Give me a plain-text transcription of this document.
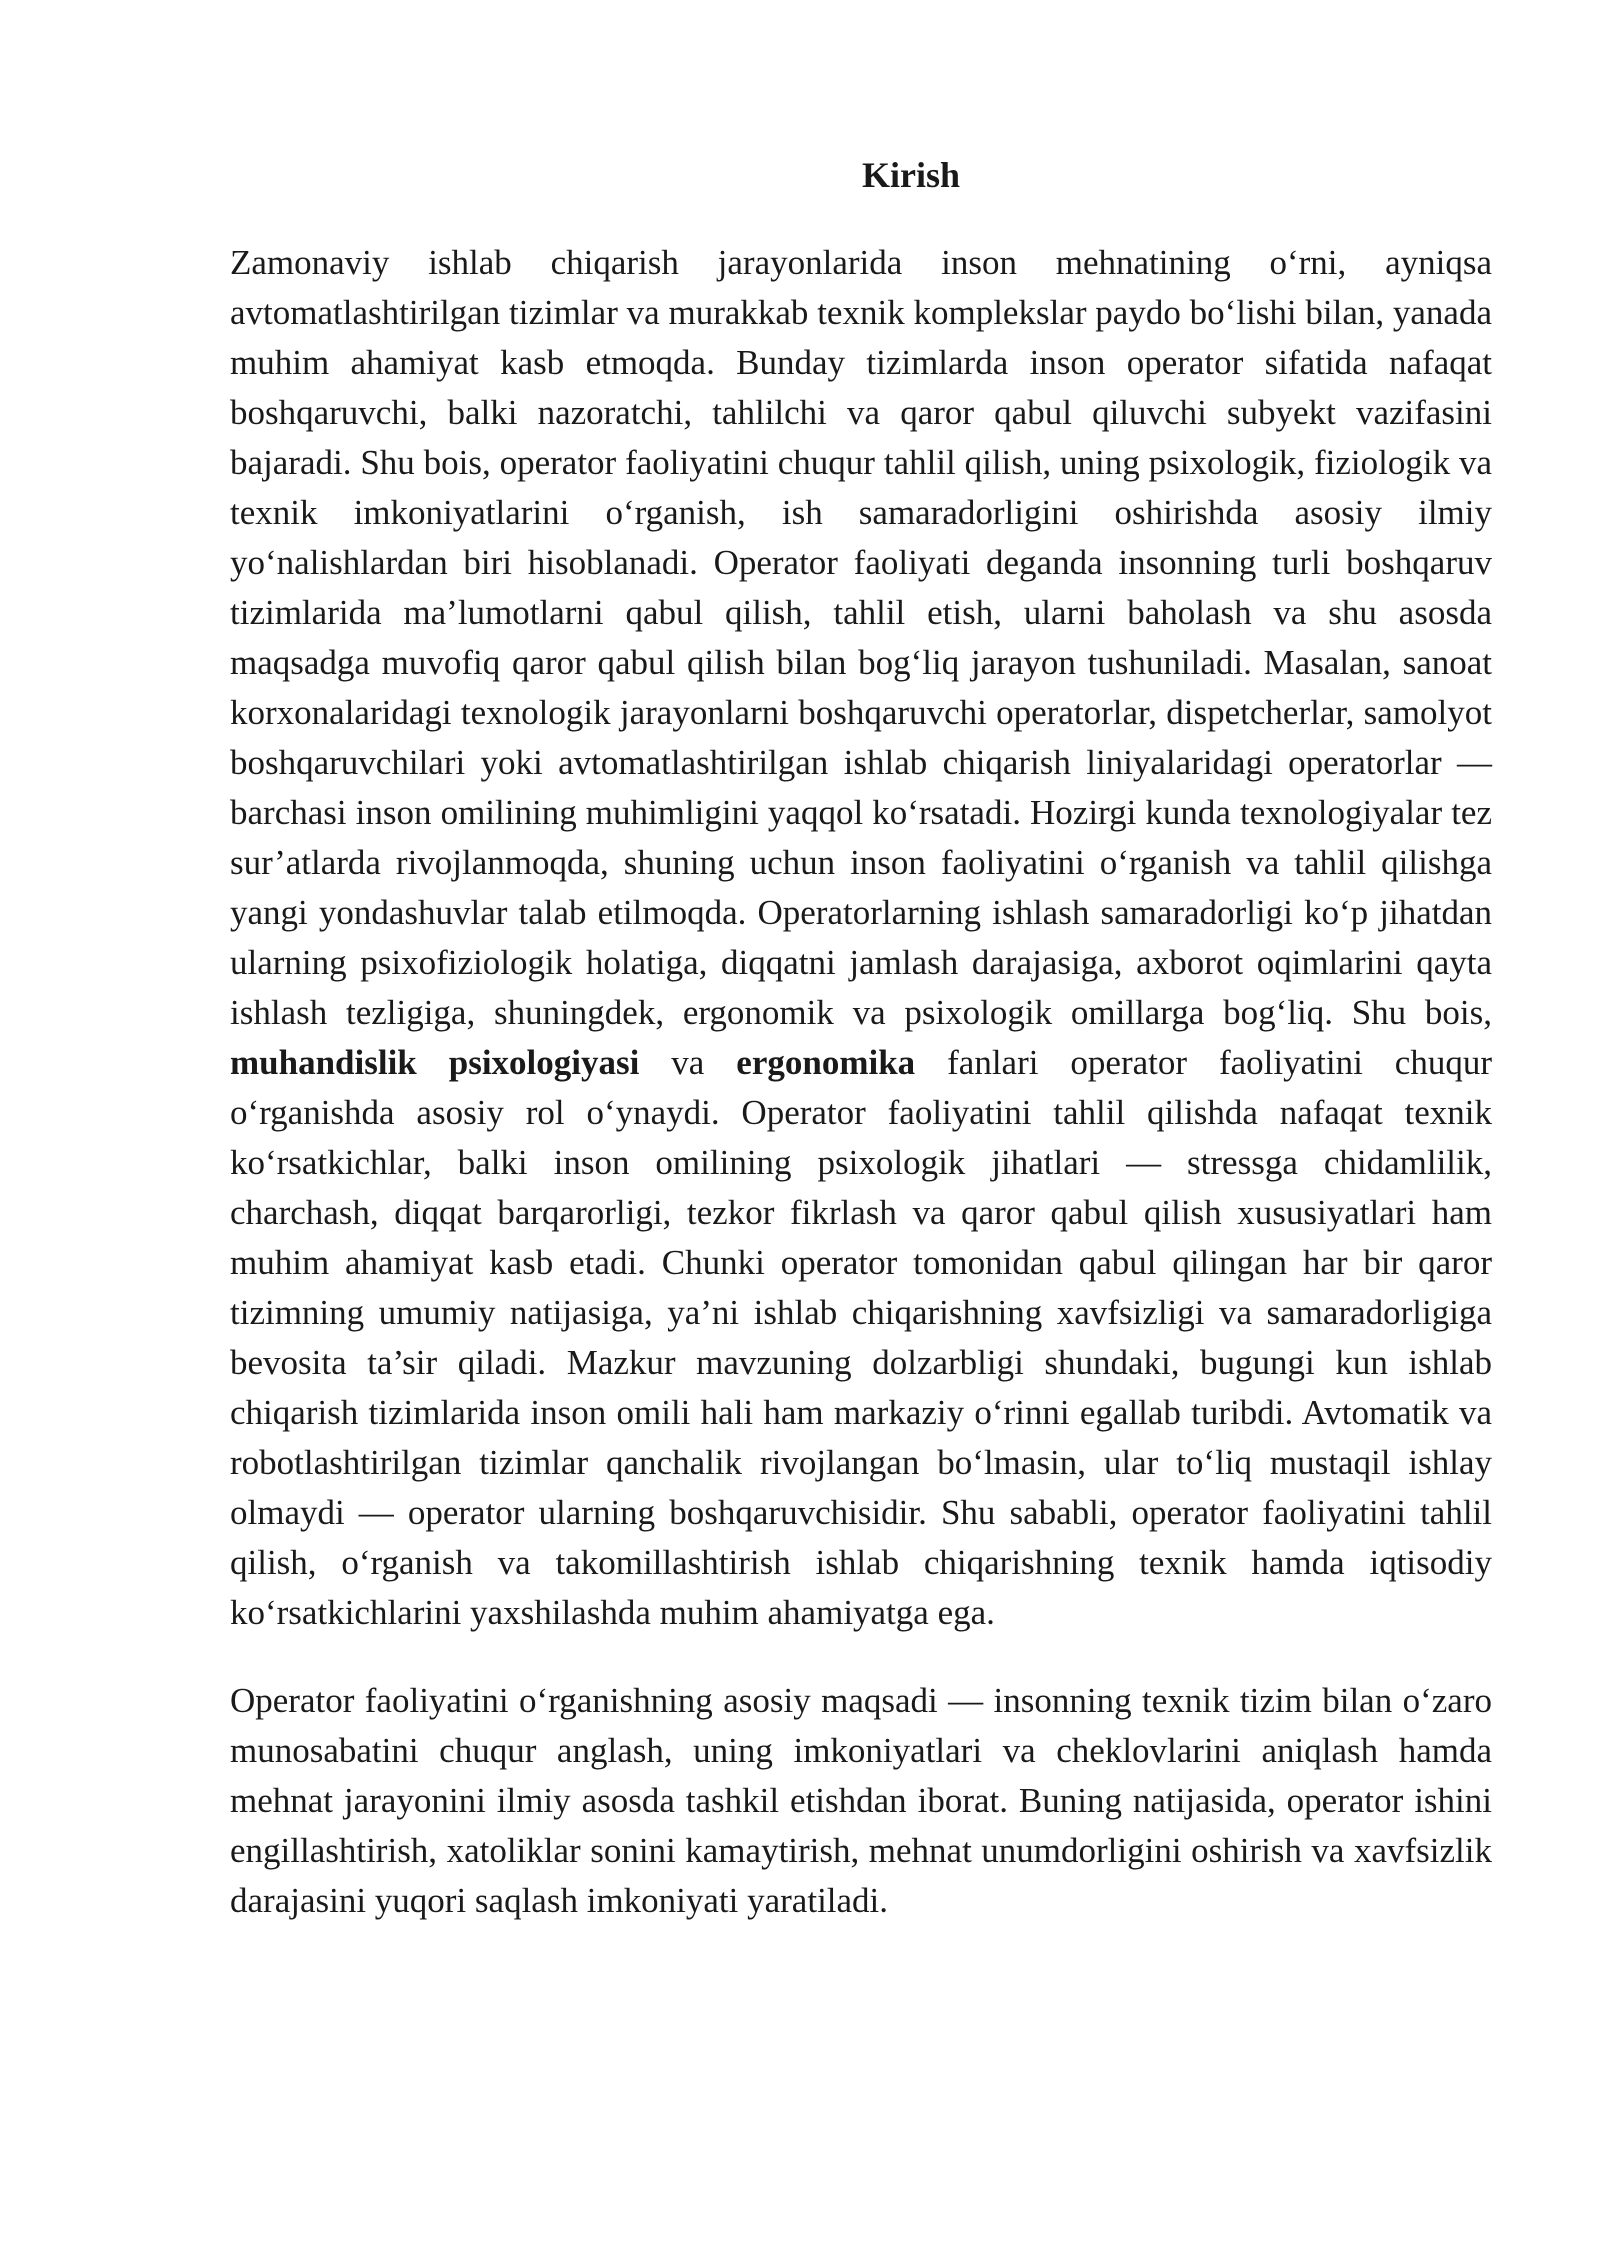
Kirish

Zamonaviy ishlab chiqarish jarayonlarida inson mehnatining o‘rni, ayniqsa avtomatlashtirilgan tizimlar va murakkab texnik komplekslar paydo bo‘lishi bilan, yanada muhim ahamiyat kasb etmoqda. Bunday tizimlarda inson operator sifatida nafaqat boshqaruvchi, balki nazoratchi, tahlilchi va qaror qabul qiluvchi subyekt vazifasini bajaradi. Shu bois, operator faoliyatini chuqur tahlil qilish, uning psixologik, fiziologik va texnik imkoniyatlarini o‘rganish, ish samaradorligini oshirishda asosiy ilmiy yo‘nalishlardan biri hisoblanadi. Operator faoliyati deganda insonning turli boshqaruv tizimlarida ma’lumotlarni qabul qilish, tahlil etish, ularni baholash va shu asosda maqsadga muvofiq qaror qabul qilish bilan bog‘liq jarayon tushuniladi. Masalan, sanoat korxonalaridagi texnologik jarayonlarni boshqaruvchi operatorlar, dispetcherlar, samolyot boshqaruvchilari yoki avtomatlashtirilgan ishlab chiqarish liniyalaridagi operatorlar — barchasi inson omilining muhimligini yaqqol ko‘rsatadi. Hozirgi kunda texnologiyalar tez sur’atlarda rivojlanmoqda, shuning uchun inson faoliyatini o‘rganish va tahlil qilishga yangi yondashuvlar talab etilmoqda. Operatorlarning ishlash samaradorligi ko‘p jihatdan ularning psixofiziologik holatiga, diqqatni jamlash darajasiga, axborot oqimlarini qayta ishlash tezligiga, shuningdek, ergonomik va psixologik omillarga bog‘liq. Shu bois, muhandislik psixologiyasi va ergonomika fanlari operator faoliyatini chuqur o‘rganishda asosiy rol o‘ynaydi. Operator faoliyatini tahlil qilishda nafaqat texnik ko‘rsatkichlar, balki inson omilining psixologik jihatlari — stressga chidamlilik, charchash, diqqat barqarorligi, tezkor fikrlash va qaror qabul qilish xususiyatlari ham muhim ahamiyat kasb etadi. Chunki operator tomonidan qabul qilingan har bir qaror tizimning umumiy natijasiga, ya’ni ishlab chiqarishning xavfsizligi va samaradorligiga bevosita ta’sir qiladi. Mazkur mavzuning dolzarbligi shundaki, bugungi kun ishlab chiqarish tizimlarida inson omili hali ham markaziy o‘rinni egallab turibdi. Avtomatik va robotlashtirilgan tizimlar qanchalik rivojlangan bo‘lmasin, ular to‘liq mustaqil ishlay olmaydi — operator ularning boshqaruvchisidir. Shu sababli, operator faoliyatini tahlil qilish, o‘rganish va takomillashtirish ishlab chiqarishning texnik hamda iqtisodiy ko‘rsatkichlarini yaxshilashda muhim ahamiyatga ega.

Operator faoliyatini o‘rganishning asosiy maqsadi — insonning texnik tizim bilan o‘zaro munosabatini chuqur anglash, uning imkoniyatlari va cheklovlarini aniqlash hamda mehnat jarayonini ilmiy asosda tashkil etishdan iborat. Buning natijasida, operator ishini engillashtirish, xatoliklar sonini kamaytirish, mehnat unumdorligini oshirish va xavfsizlik darajasini yuqori saqlash imkoniyati yaratiladi.
